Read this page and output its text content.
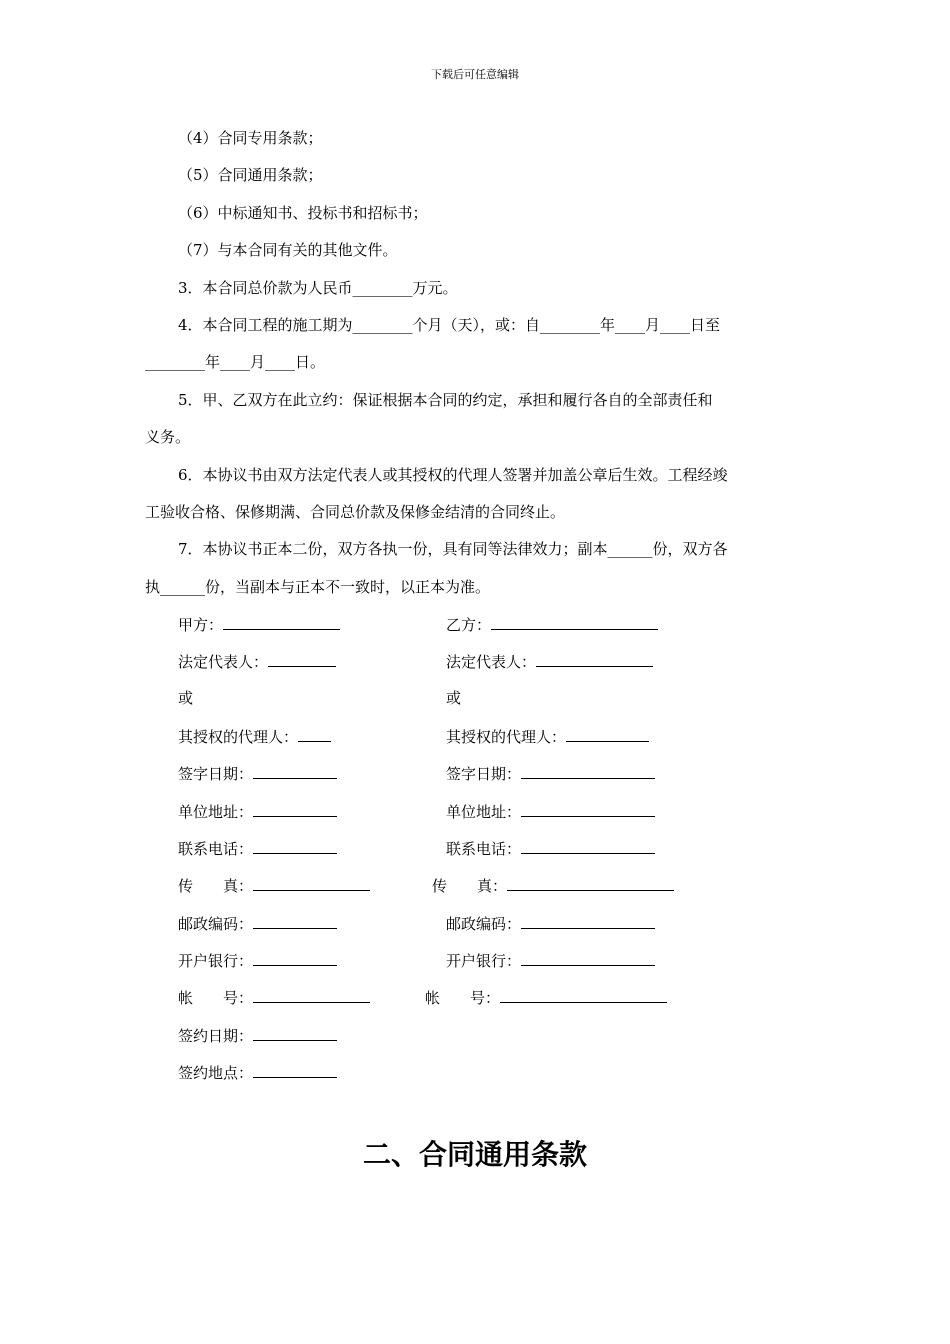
下载后可任意编辑
（4）合同专用条款；
（5）合同通用条款；
（6）中标通知书、投标书和招标书；
（7）与本合同有关的其他文件。
3．本合同总价款为人民币________万元。
4．本合同工程的施工期为________个月（天），或：自________年____月____日至
________年____月____日。
5．甲、乙双方在此立约：保证根据本合同的约定，承担和履行各自的全部责任和
义务。
6．本协议书由双方法定代表人或其授权的代理人签署并加盖公章后生效。工程经竣
工验收合格、保修期满、合同总价款及保修金结清的合同终止。
7．本协议书正本二份，双方各执一份，具有同等法律效力；副本______份，双方各
执______份，当副本与正本不一致时，以正本为准。
甲方：
法定代表人：
或
其授权的代理人：
签字日期：
单位地址：
联系电话：
传　　真：
邮政编码：
开户银行：
帐　　号：
签约日期：
签约地点：
乙方：
法定代表人：
或
其授权的代理人：
签字日期：
单位地址：
联系电话：
传　　真：
邮政编码：
开户银行：
帐　　号：
二、合同通用条款
